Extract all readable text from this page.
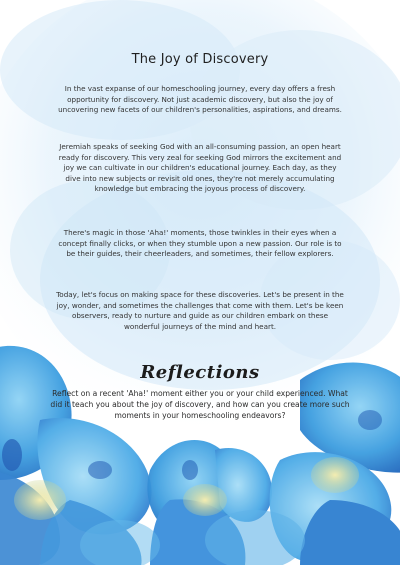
The Joy of Discovery

In the vast expanse of our homeschooling journey, every day offers a fresh opportunity for discovery. Not just academic discovery, but also the joy of uncovering new facets of our children's personalities, aspirations, and dreams.

Jeremiah speaks of seeking God with an all-consuming passion, an open heart ready for discovery. This very zeal for seeking God mirrors the excitement and joy we can cultivate in our children's educational journey. Each day, as they dive into new subjects or revisit old ones, they're not merely accumulating knowledge but embracing the joyous process of discovery.

There's magic in those 'Aha!' moments, those twinkles in their eyes when a concept finally clicks, or when they stumble upon a new passion. Our role is to be their guides, their cheerleaders, and sometimes, their fellow explorers.

Today, let's focus on making space for these discoveries. Let's be present in the joy, wonder, and sometimes the challenges that come with them. Let's be keen observers, ready to nurture and guide as our children embark on these wonderful journeys of the mind and heart.

Reflections

Reflect on a recent 'Aha!' moment either you or your child experienced. What did it teach you about the joy of discovery, and how can you create more such moments in your homeschooling endeavors?
